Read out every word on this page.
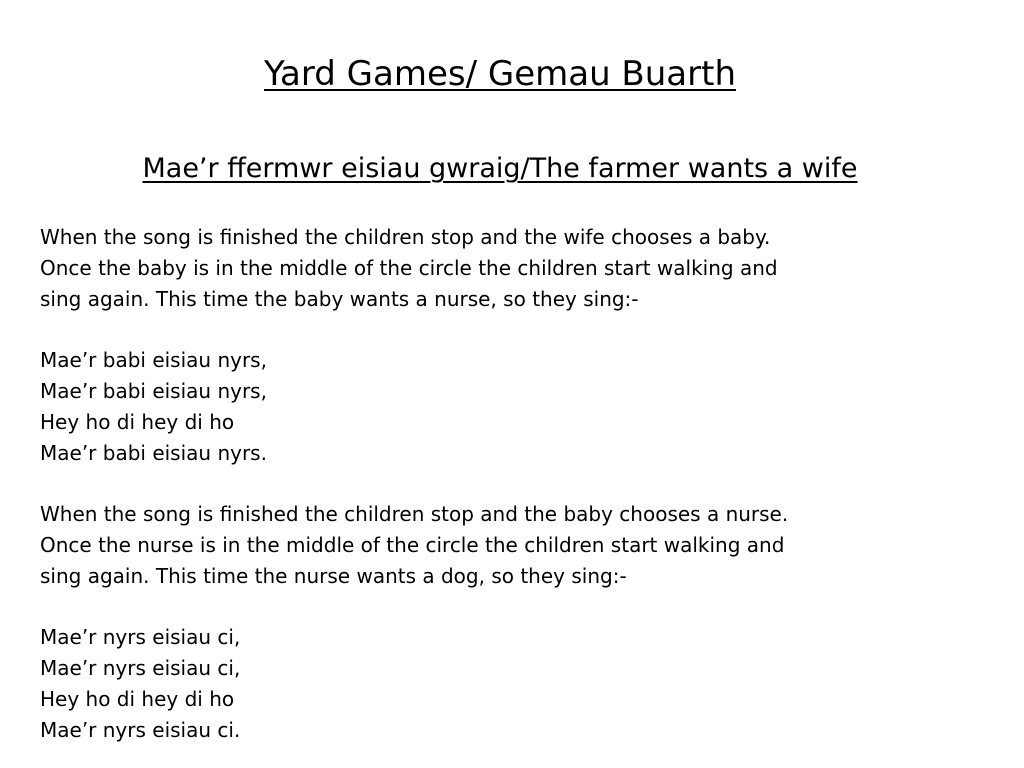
Yard Games/ Gemau Buarth
Mae’r ffermwr eisiau gwraig/The farmer wants a wife

When the song is finished the children stop and the wife chooses a baby.

Once the baby is in the middle of the circle the children start walking and

sing again. This time the baby wants a nurse, so they sing:-

Mae’r babi eisiau nyrs,

Mae’r babi eisiau nyrs,

Hey ho di hey di ho

Mae’r babi eisiau nyrs.

When the song is finished the children stop and the baby chooses a nurse.

Once the nurse is in the middle of the circle the children start walking and

sing again. This time the nurse wants a dog, so they sing:-

Mae’r nyrs eisiau ci,

Mae’r nyrs eisiau ci,

Hey ho di hey di ho

Mae’r nyrs eisiau ci.
